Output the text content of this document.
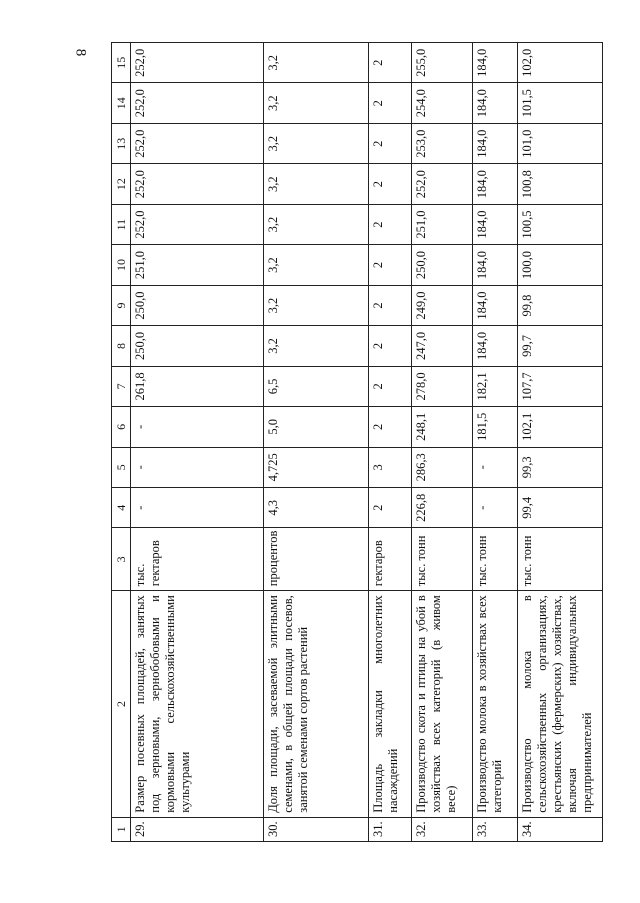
8
1	2	3	4	5	6	7	8	9	10	11	12	13	14	15
29.	Размер посевных площадей, занятых под зерновыми, зернобобовыми и кормовыми сельскохозяйственными культурами	тыс. гектаров	-	-	-	261,8	250,0	250,0	251,0	252,0	252,0	252,0	252,0	252,0
30.	Доля площади, засеваемой элитными семенами, в общей площади посевов, занятой семенами сортов растений	процентов	4,3	4,725	5,0	6,5	3,2	3,2	3,2	3,2	3,2	3,2	3,2	3,2
31.	Площадь закладки многолетних насаждений	гектаров	2	3	2	2	2	2	2	2	2	2	2	2
32.	Производство скота и птицы на убой в хозяйствах всех категорий (в живом весе)	тыс. тонн	226,8	286,3	248,1	278,0	247,0	249,0	250,0	251,0	252,0	253,0	254,0	255,0
33.	Производство молока в хозяйствах всех категорий	тыс. тонн	-	-	181,5	182,1	184,0	184,0	184,0	184,0	184,0	184,0	184,0	184,0
34.	Производство молока в сельскохозяйственных организациях, крестьянских (фермерских) хозяйствах, включая индивидуальных предпринимателей	тыс. тонн	99,4	99,3	102,1	107,7	99,7	99,8	100,0	100,5	100,8	101,0	101,5	102,0
